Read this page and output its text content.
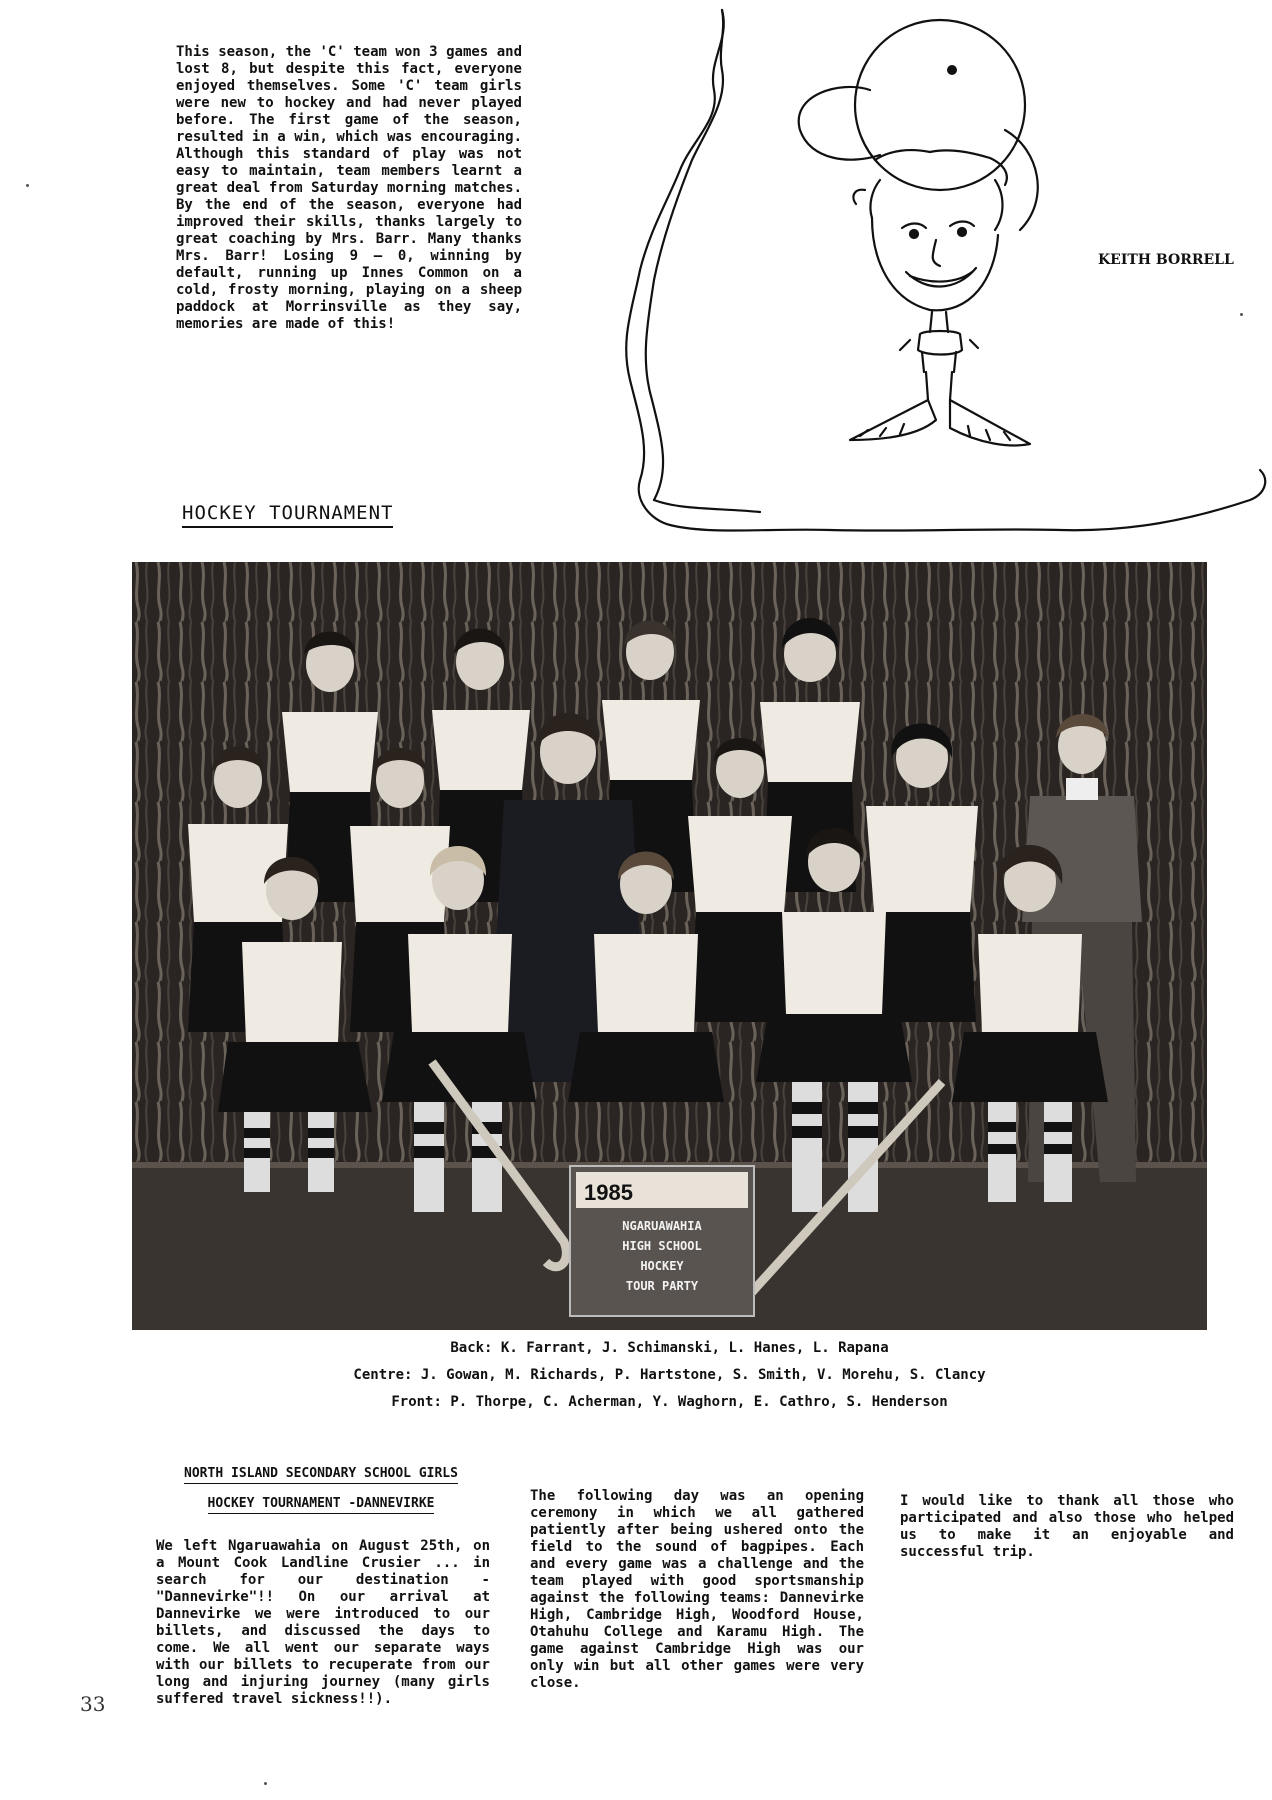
This season, the 'C' team won 3 games and lost 8, but despite this fact, everyone enjoyed themselves. Some 'C' team girls were new to hockey and had never played before. The first game of the season, resulted in a win, which was encouraging. Although this standard of play was not easy to maintain, team members learnt a great deal from Saturday morning matches. By the end of the season, everyone had improved their skills, thanks largely to great coaching by Mrs. Barr. Many thanks Mrs. Barr! Losing 9 — 0, winning by default, running up Innes Common on a cold, frosty morning, playing on a sheep paddock at Morrinsville as they say, memories are made of this!
KEITH BORRELL
HOCKEY TOURNAMENT
1985
NGARUAWAHIA
HIGH SCHOOL
HOCKEY
TOUR PARTY
Back: K. Farrant, J. Schimanski, L. Hanes, L. Rapana
Centre: J. Gowan, M. Richards, P. Hartstone, S. Smith, V. Morehu, S. Clancy
Front: P. Thorpe, C. Acherman, Y. Waghorn, E. Cathro, S. Henderson
NORTH ISLAND SECONDARY SCHOOL GIRLS
HOCKEY TOURNAMENT -DANNEVIRKE
We left Ngaruawahia on August 25th, on a Mount Cook Landline Crusier ... in search for our destination - "Dannevirke"!! On our arrival at Dannevirke we were introduced to our billets, and discussed the days to come. We all went our separate ways with our billets to recuperate from our long and injuring journey (many girls suffered travel sickness!!).
The following day was an opening ceremony in which we all gathered patiently after being ushered onto the field to the sound of bagpipes. Each and every game was a challenge and the team played with good sportsmanship against the following teams: Dannevirke High, Cambridge High, Woodford House, Otahuhu College and Karamu High. The game against Cambridge High was our only win but all other games were very close.
I would like to thank all those who participated and also those who helped us to make it an enjoyable and successful trip.
33
